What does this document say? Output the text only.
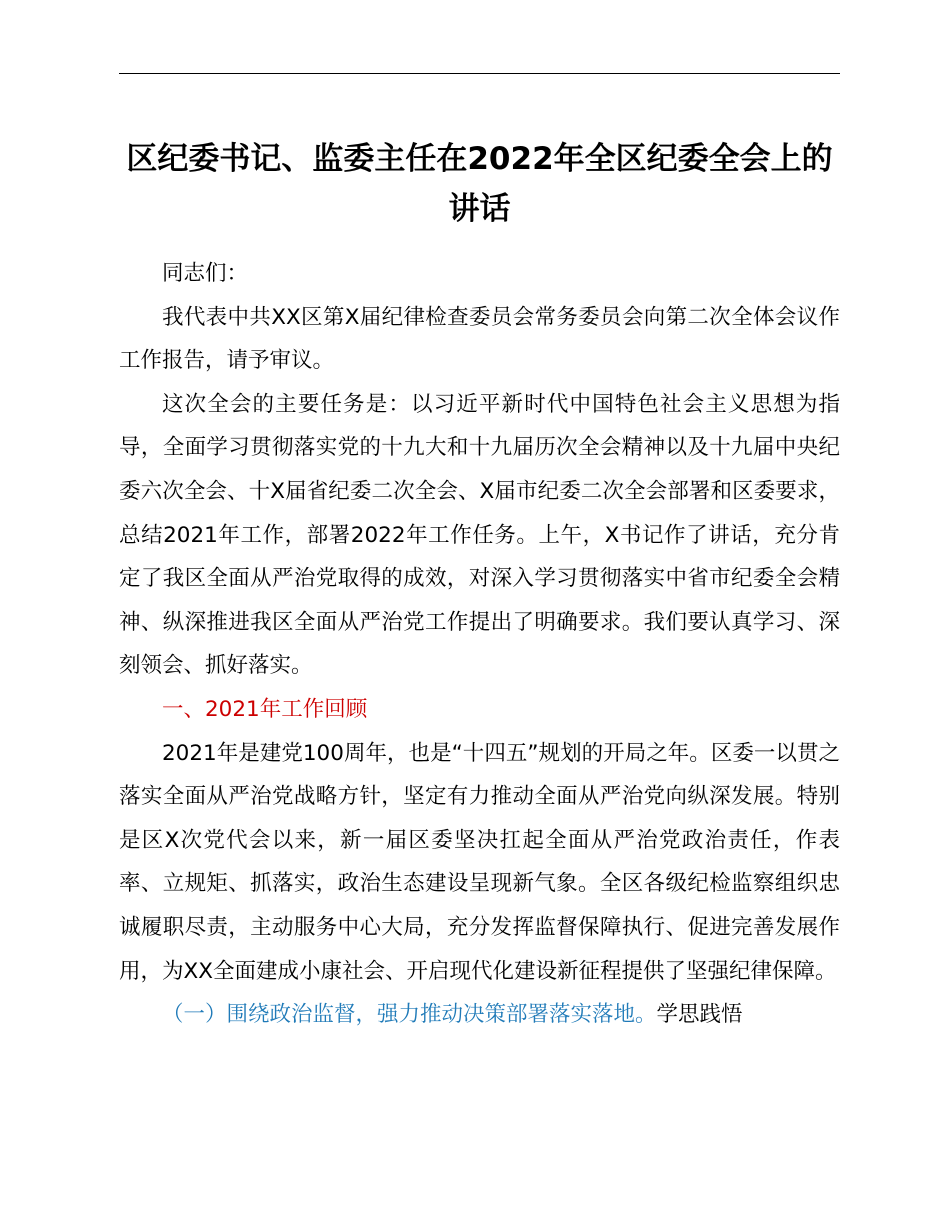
区纪委书记、监委主任在2022年全区纪委全会上的讲话

同志们：

我代表中共XX区第X届纪律检查委员会常务委员会向第二次全体会议作工作报告，请予审议。

这次全会的主要任务是：以习近平新时代中国特色社会主义思想为指导，全面学习贯彻落实党的十九大和十九届历次全会精神以及十九届中央纪委六次全会、十X届省纪委二次全会、X届市纪委二次全会部署和区委要求，总结2021年工作，部署2022年工作任务。上午，X书记作了讲话，充分肯定了我区全面从严治党取得的成效，对深入学习贯彻落实中省市纪委全会精神、纵深推进我区全面从严治党工作提出了明确要求。我们要认真学习、深刻领会、抓好落实。

一、2021年工作回顾

2021年是建党100周年，也是“十四五”规划的开局之年。区委一以贯之落实全面从严治党战略方针，坚定有力推动全面从严治党向纵深发展。特别是区X次党代会以来，新一届区委坚决扛起全面从严治党政治责任，作表率、立规矩、抓落实，政治生态建设呈现新气象。全区各级纪检监察组织忠诚履职尽责，主动服务中心大局，充分发挥监督保障执行、促进完善发展作用，为XX全面建成小康社会、开启现代化建设新征程提供了坚强纪律保障。

（一）围绕政治监督，强力推动决策部署落实落地。学思践悟
